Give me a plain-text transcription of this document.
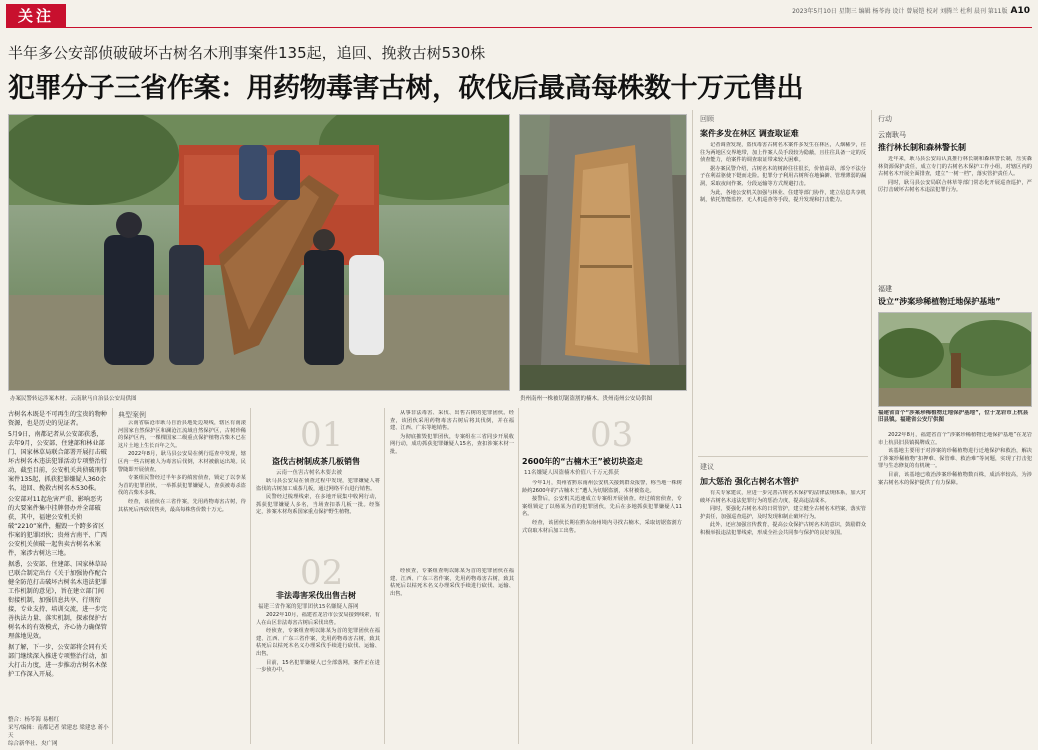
关注	2023年5月10日 星期三 编辑 杨苓海 设计 曾展铠 校对 刘腾兰 杜利 晨刊 第11版 A10
半年多公安部侦破破坏古树名木刑事案件135起，追回、挽救古树530株
犯罪分子三省作案：用药物毒害古树，砍伐后最高每株数十万元售出
办案民警转运涉案木材。云南耿马自治县公安局供图	贵州南州一株被切锯盗割的楠木。贵州南州公安局供图
福建省首个“涉案珍稀植物迁地保护基地”，位于龙岩市上杭县旧县镇。福建省公安厅供图

古树名木既是不可再生的宝贵的物种资源，也是历史的见证者。

5月9日，南都记者从公安部获悉，去年9月，公安部、住建部和林业部门、国家林草局联合部署开展打击破坏古树名木违法犯罪活动专项整治行动，截至目前，公安机关共侦破刑事案件135起，抓获犯罪嫌疑人360余名，追回、挽救古树名木530株。

公安部对11起危害严重、影响恶劣的大要案件集中挂牌督办并全部破获，其中，福建公安机关侦破“2210”案件，摧毁一个跨多省区作案的犯罪团伙；贵州古南平、广西公安机关侦破一起售卖古树名木案件，案涉古树达三地。

据悉，公安部、住建部、国家林草局已联合制定出台《关于加强协作配合健全防范打击破坏古树名木违法犯罪工作机制的意见》，旨在建立部门间衔接机制，加强信息共享、行刑衔接，专业支持、培训交流，进一步完善执法力量、落实机制，探索保护古树名木的有效模式，齐心协力确保管理落地见效。

据了解，下一步，公安部将会同有关部门继续深入推进专项整治行动，加大打击力度，进一步推动古树名木保护工作深入开展。

整合：杨苓海 易楷红
采写/编辑：南都记者 梁建忠 梁建忠 蒋小天
综合新华社、央广网
典型案例

云南省临沧市耿马自治县地处边境线，辖区有南滚河国家自然保护区和澜沧江流域自然保护区，古树珍稀的保护区内，一棵棵国家二级重点保护植物古柴木已在这片土地上生长百年之久。

2022年8月，耿马县公安局在例行巡查中发现，辖区内一些古树被人为毒害后伐倒，木材被偷运出境。民警随即开展侦查。

专案组民警经过半年多的缜密侦查，锁定了以李某为首的犯罪团伙，一举抓获犯罪嫌疑人，查获被毒杀盗伐的古柴木多株。

经查，该团伙在三省作案，先用药物毒害古树，待其枯死后再砍伐售卖，最高每株售价数十万元。

01
盗伐古树制成茶几板销售
云南一鱼害古树名木要去被

耿马县公安局在侦查过程中发现，犯罪嫌疑人将盗伐的古树加工成茶几板，通过网络平台进行销售。

民警经过梳理线索，在多地开展集中收网行动，抓获犯罪嫌疑人多名，当场查扣茶几板一批。经鉴定，涉案木材均系国家重点保护野生植物。

02
非法毒害采伐出售古树
福建三省作案的犯罪团伙15名嫌疑人落网

2022年10月，福建省龙岩市公安局接到线索，有人在山区非法毒害古树后采伐出售。

经侦查，专案组查明以陈某为首的犯罪团伙在福建、江西、广东三省作案，先用药物毒害古树，致其枯死后以枯死木名义办理采伐手续进行砍伐、运输、出售。

目前，15名犯罪嫌疑人已全部落网，案件正在进一步侦办中。

从事非法毒害、采伐、出售古树的犯罪团伙。经查，该团伙采用药物毒害古树后将其伐倒，并在福建、江西、广东等地销售。

为彻底摧毁犯罪团伙，专案组在三省同步开展收网行动，成功抓获犯罪嫌疑人15名，查扣涉案木材一批。

经侦查，专案组查明以陈某为首的犯罪团伙在福建、江西、广东三省作案，先用药物毒害古树，致其枯死后以枯死木名义办理采伐手续进行砍伐、运输、出售。

03
2600年的“古楠木王”被切块盗走
11名嫌疑人因盗楠木价值八千万元抓获

今年1月，贵州省黔东南州公安机关接到群众报警，称当地一株树龄约2600年的“古楠木王”遭人为切锯盗割，木材被盗走。

接警后，公安机关迅速成立专案组开展侦查。经过缜密侦查，专案组锁定了以杨某为首的犯罪团伙，先后在多地抓获犯罪嫌疑人11名。

经查，该团伙长期在黔东南州境内寻找古楠木，采取切锯盗割方式窃取木材后加工出售。

回顾
案件多发在林区 调查取证难

记者调查发现，盗伐毒害古树名木案件多发生在林区，人烟稀少，往往为两地区交界地带，加上作案人员手段较为隐蔽，且往往具备一定的反侦查能力，给案件的调查取证带来较大困难。

据办案民警介绍，古树名木的树龄往往很长，价值高昂，部分不法分子在利益驱使下铤而走险。犯罪分子利用古树所在地偏僻、管理薄弱的漏洞，采取夜间作案、分段运输等方式规避打击。

为此，各地公安机关加强与林业、住建等部门协作，建立信息共享机制，依托智能监控、无人机巡查等手段，提升发现和打击能力。

建议
加大惩治 强化古树名木管护

有关专家建议，应进一步完善古树名木保护的法律法规体系，加大对破坏古树名木违法犯罪行为的惩治力度，提高违法成本。

同时，要强化古树名木的日常管护，建立健全古树名木档案，落实管护责任，加强巡查巡护，及时发现和制止破坏行为。

此外，还应加强宣传教育，提高公众保护古树名木的意识，鼓励群众积极举报违法犯罪线索，形成全社会共同参与保护的良好氛围。

行动
云南耿马
推行林长制和森林警长制

近年来，耿马县公安局认真推行林长制和森林警长制，压实森林资源保护责任，成立专门的古树名木保护工作小组，对辖区内的古树名木开展全面排查，建立“一树一档”，落实管护责任人。

同时，耿马县公安局联合林草等部门常态化开展巡查巡护，严厉打击破坏古树名木违法犯罪行为。

福建
设立“涉案珍稀植物迁地保护基地”

2022年8月，福建省首个“涉案珍稀植物迁地保护基地”在龙岩市上杭县旧县镇揭牌成立。

该基地主要用于对涉案的珍稀植物进行迁地保护和救治，解决了涉案珍稀植物“扣押难、保管难、救治难”等问题，实现了打击犯罪与生态修复的有机统一。

目前，该基地已收治涉案珍稀植物数百株，成活率较高，为涉案古树名木的保护提供了有力保障。
